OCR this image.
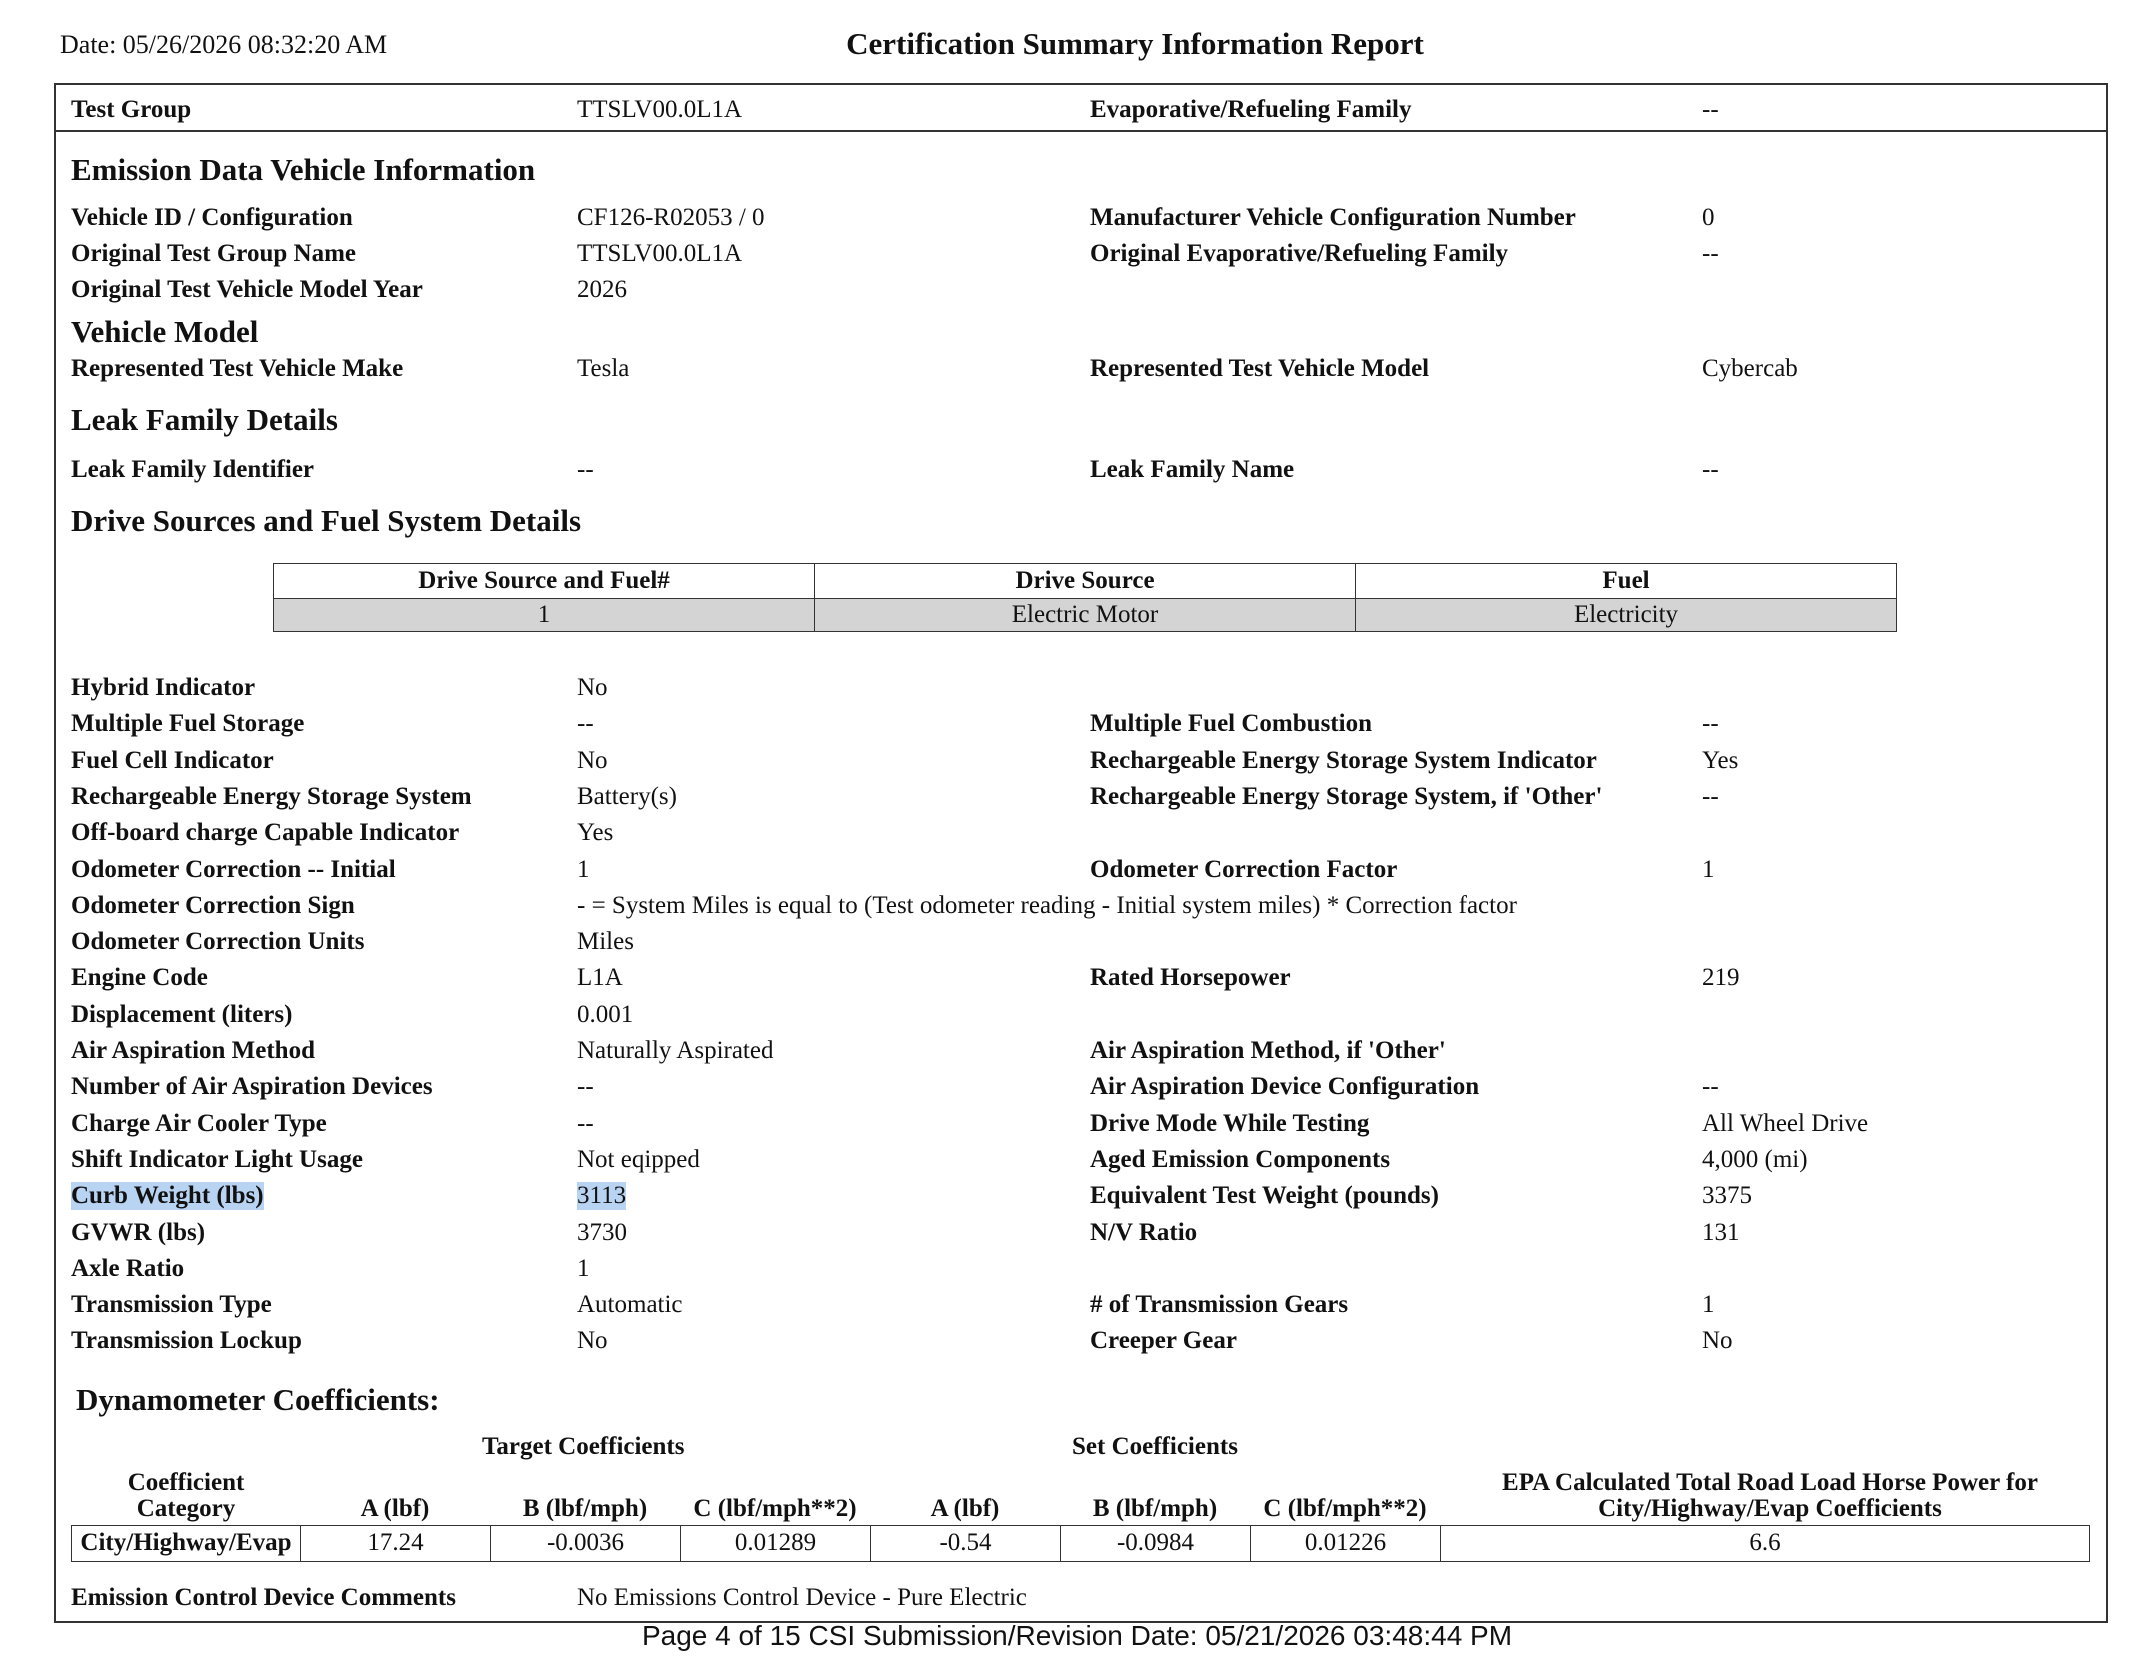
Date: 05/26/2026 08:32:20 AM	Certification Summary Information Report
Test Group	TTSLV00.0L1A	Evaporative/Refueling Family	--
Emission Data Vehicle Information
Vehicle ID / Configuration	CF126-R02053 / 0	Manufacturer Vehicle Configuration Number	0
Original Test Group Name	TTSLV00.0L1A	Original Evaporative/Refueling Family	--
Original Test Vehicle Model Year	2026
Vehicle Model
Represented Test Vehicle Make	Tesla	Represented Test Vehicle Model	Cybercab
Leak Family Details
Leak Family Identifier	--	Leak Family Name	--
Drive Sources and Fuel System Details
Drive Source and Fuel#	Drive Source	Fuel
1	Electric Motor	Electricity
Hybrid Indicator	No
Multiple Fuel Storage	--	Multiple Fuel Combustion	--
Fuel Cell Indicator	No	Rechargeable Energy Storage System Indicator	Yes
Rechargeable Energy Storage System	Battery(s)	Rechargeable Energy Storage System, if 'Other'	--
Off-board charge Capable Indicator	Yes
Odometer Correction -- Initial	1	Odometer Correction Factor	1
Odometer Correction Sign	- = System Miles is equal to (Test odometer reading - Initial system miles) * Correction factor
Odometer Correction Units	Miles
Engine Code	L1A	Rated Horsepower	219
Displacement (liters)	0.001
Air Aspiration Method	Naturally Aspirated	Air Aspiration Method, if 'Other'
Number of Air Aspiration Devices	--	Air Aspiration Device Configuration	--
Charge Air Cooler Type	--	Drive Mode While Testing	All Wheel Drive
Shift Indicator Light Usage	Not eqipped	Aged Emission Components	4,000 (mi)
Curb Weight (lbs)	3113	Equivalent Test Weight (pounds)	3375
GVWR (lbs)	3730	N/V Ratio	131
Axle Ratio	1
Transmission Type	Automatic	# of Transmission Gears	1
Transmission Lockup	No	Creeper Gear	No
Dynamometer Coefficients:
Target Coefficients	Set Coefficients
Coefficient Category	A (lbf)	B (lbf/mph)	C (lbf/mph**2)	A (lbf)	B (lbf/mph)	C (lbf/mph**2)
EPA Calculated Total Road Load Horse Power for City/Highway/Evap Coefficients
City/Highway/Evap	17.24	-0.0036	0.01289	-0.54	-0.0984	0.01226	6.6
Emission Control Device Comments	No Emissions Control Device - Pure Electric
Page 4 of 15 CSI Submission/Revision Date: 05/21/2026 03:48:44 PM
